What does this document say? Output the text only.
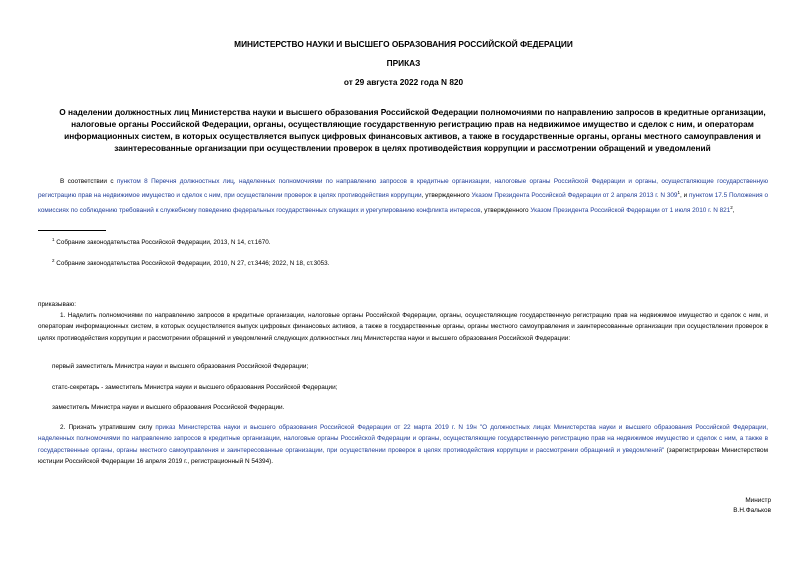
МИНИСТЕРСТВО НАУКИ И ВЫСШЕГО ОБРАЗОВАНИЯ РОССИЙСКОЙ ФЕДЕРАЦИИ

ПРИКАЗ

от 29 августа 2022 года N 820

О наделении должностных лиц Министерства науки и высшего образования Российской Федерации полномочиями по направлению запросов в кредитные организации, налоговые органы Российской Федерации, органы, осуществляющие государственную регистрацию прав на недвижимое имущество и сделок с ним, и операторам информационных систем, в которых осуществляется выпуск цифровых финансовых активов, а также в государственные органы, органы местного самоуправления и заинтересованные организации при осуществлении проверок в целях противодействия коррупции и рассмотрении обращений и уведомлений

В соответствии с пунктом 8 Перечня должностных лиц, наделенных полномочиями по направлению запросов в кредитные организации, налоговые органы Российской Федерации и органы, осуществляющие государственную регистрацию прав на недвижимое имущество и сделок с ним, при осуществлении проверок в целях противодействия коррупции, утвержденного Указом Президента Российской Федерации от 2 апреля 2013 г. N 309$^1$, и пунктом 17.5 Положения о комиссиях по соблюдению требований к служебному поведению федеральных государственных служащих и урегулированию конфликта интересов, утвержденного Указом Президента Российской Федерации от 1 июля 2010 г. N 821$^2$,

$^1$ Собрание законодательства Российской Федерации, 2013, N 14, ст.1670.

$^2$ Собрание законодательства Российской Федерации, 2010, N 27, ст.3446; 2022, N 18, ст.3053.

приказываю:

1. Наделить полномочиями по направлению запросов в кредитные организации, налоговые органы Российской Федерации, органы, осуществляющие государственную регистрацию прав на недвижимое имущество и сделок с ним, и операторам информационных систем, в которых осуществляется выпуск цифровых финансовых активов, а также в государственные органы, органы местного самоуправления и заинтересованные организации при осуществлении проверок в целях противодействия коррупции и рассмотрении обращений и уведомлений следующих должностных лиц Министерства науки и высшего образования Российской Федерации:

первый заместитель Министра науки и высшего образования Российской Федерации;

статс-секретарь - заместитель Министра науки и высшего образования Российской Федерации;

заместитель Министра науки и высшего образования Российской Федерации.

2. Признать утратившим силу приказ Министерства науки и высшего образования Российской Федерации от 22 марта 2019 г. N 19н "О должностных лицах Министерства науки и высшего образования Российской Федерации, наделенных полномочиями по направлению запросов в кредитные организации, налоговые органы Российской Федерации и органы, осуществляющие государственную регистрацию прав на недвижимое имущество и сделок с ним, а также в государственные органы, органы местного самоуправления и заинтересованные организации, при осуществлении проверок в целях противодействия коррупции и рассмотрении обращений и уведомлений" (зарегистрирован Министерством юстиции Российской Федерации 16 апреля 2019 г., регистрационный N 54394).

Министр

В.Н.Фальков
